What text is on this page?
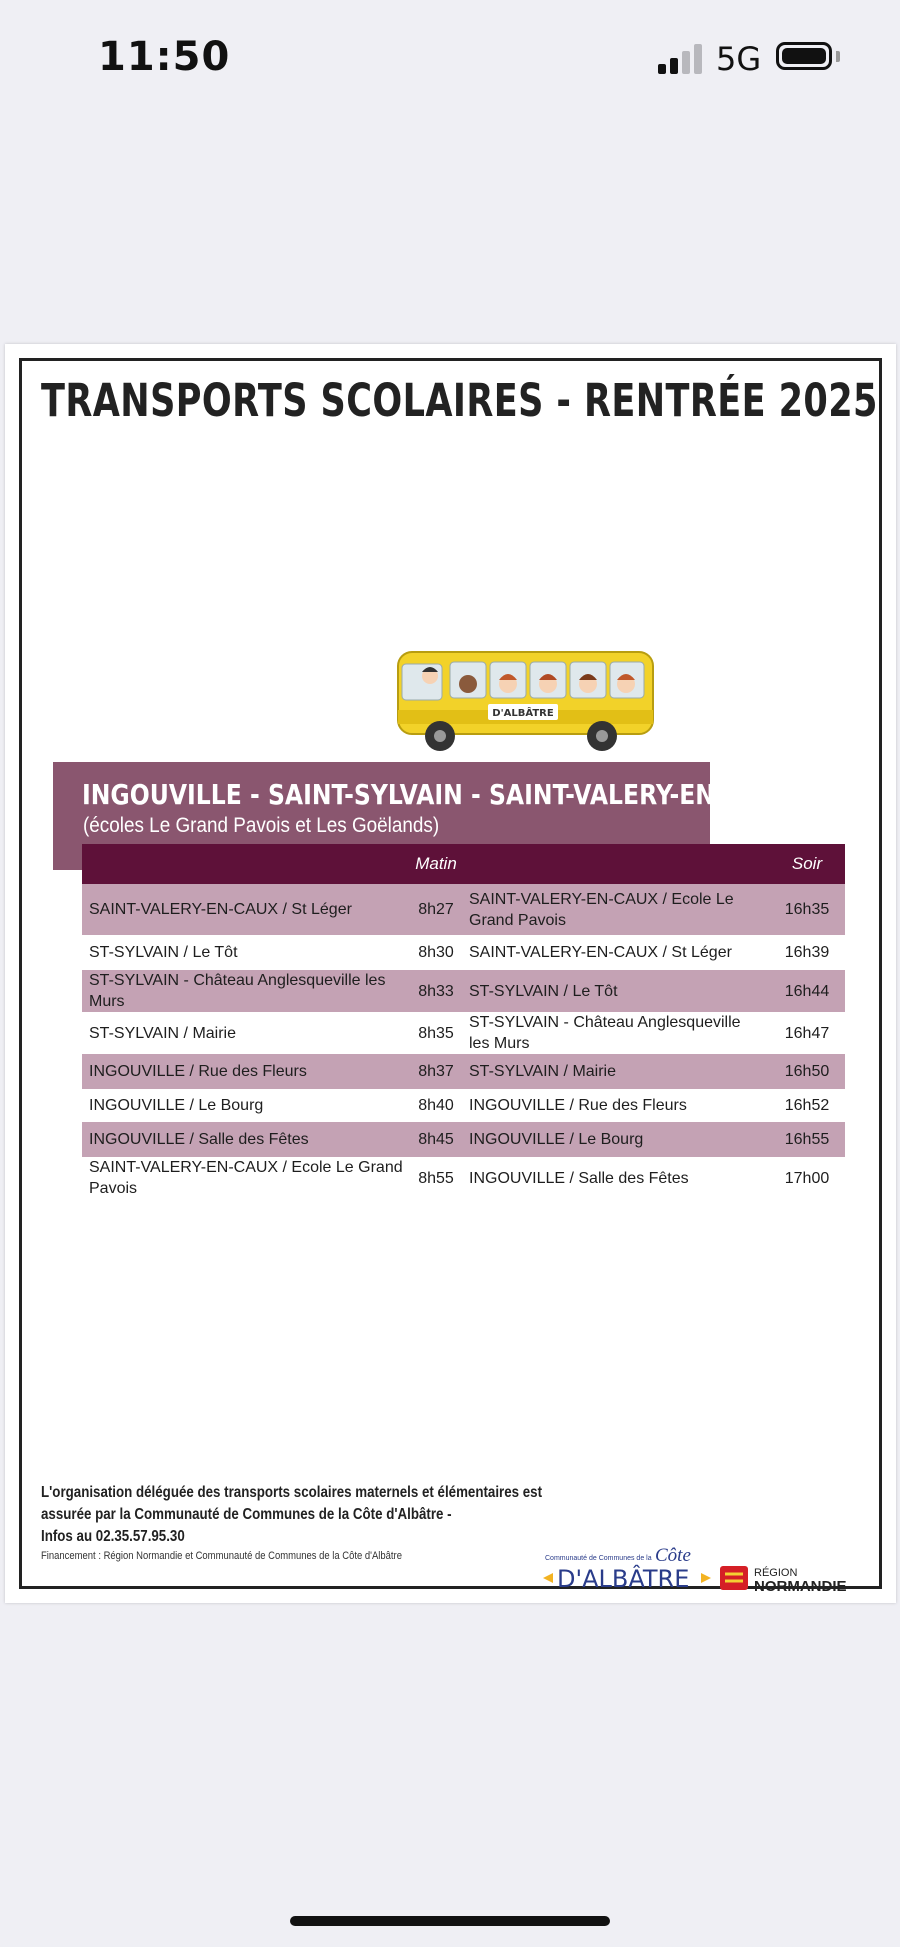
11:50	5G
TRANSPORTS SCOLAIRES - RENTRÉE 2025
D'ALBÂTRE
INGOUVILLE - SAINT-SYLVAIN - SAINT-VALERY-EN-CAUX
(écoles Le Grand Pavois et Les Goëlands)
	Matin		Soir
SAINT-VALERY-EN-CAUX / St Léger	8h27	SAINT-VALERY-EN-CAUX / Ecole Le Grand Pavois	16h35
ST-SYLVAIN / Le Tôt	8h30	SAINT-VALERY-EN-CAUX / St Léger	16h39
ST-SYLVAIN - Château Anglesqueville les Murs	8h33	ST-SYLVAIN / Le Tôt	16h44
ST-SYLVAIN / Mairie	8h35	ST-SYLVAIN - Château Anglesqueville les Murs	16h47
INGOUVILLE / Rue des Fleurs	8h37	ST-SYLVAIN / Mairie	16h50
INGOUVILLE / Le Bourg	8h40	INGOUVILLE / Rue des Fleurs	16h52
INGOUVILLE / Salle des Fêtes	8h45	INGOUVILLE / Le Bourg	16h55
SAINT-VALERY-EN-CAUX / Ecole Le Grand Pavois	8h55	INGOUVILLE / Salle des Fêtes	17h00
L'organisation déléguée des transports scolaires maternels et élémentaires est
assurée par la Communauté de Communes de la Côte d'Albâtre -
Infos au 02.35.57.95.30
Financement : Région Normandie et Communauté de Communes de la Côte d'Albâtre	Communauté de Communes de la Côte
D'ALBÂTRE	RÉGION
NORMANDIE
